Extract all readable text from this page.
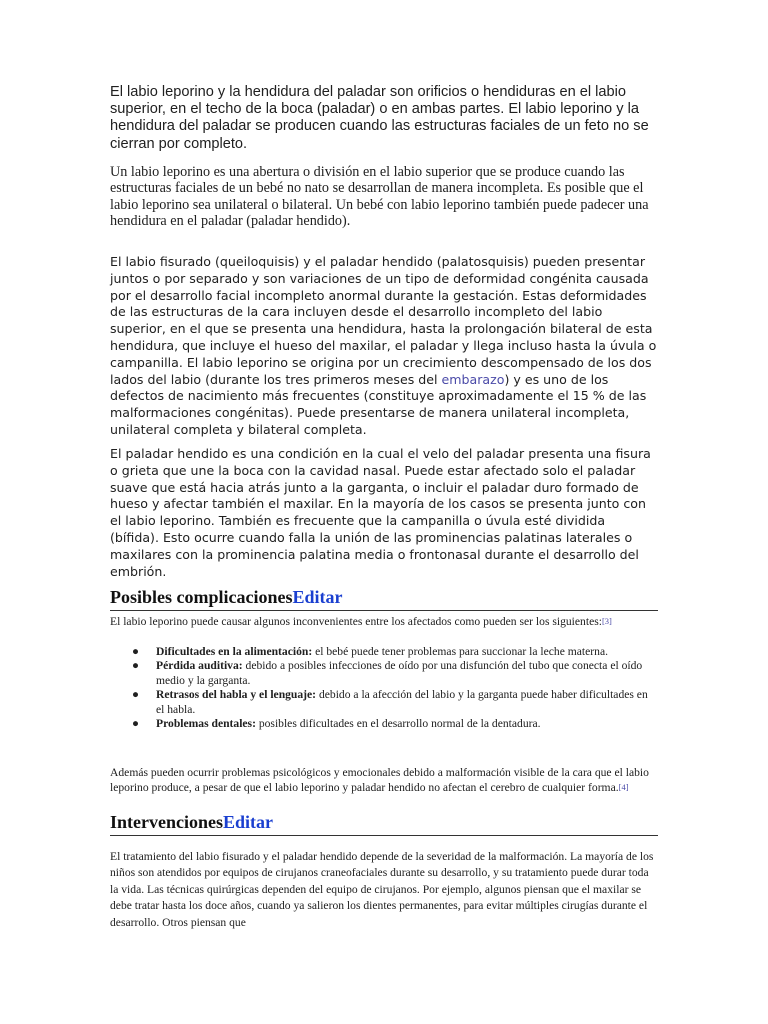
El labio leporino y la hendidura del paladar son orificios o hendiduras en el labio superior, en el techo de la boca (paladar) o en ambas partes. El labio leporino y la hendidura del paladar se producen cuando las estructuras faciales de un feto no se cierran por completo.

Un labio leporino es una abertura o división en el labio superior que se produce cuando las estructuras faciales de un bebé no nato se desarrollan de manera incompleta. Es posible que el labio leporino sea unilateral o bilateral. Un bebé con labio leporino también puede padecer una hendidura en el paladar (paladar hendido).

El labio fisurado (queiloquisis) y el paladar hendido (palatosquisis) pueden presentar juntos o por separado y son variaciones de un tipo de deformidad congénita causada por el desarrollo facial incompleto anormal durante la gestación. Estas deformidades de las estructuras de la cara incluyen desde el desarrollo incompleto del labio superior, en el que se presenta una hendidura, hasta la prolongación bilateral de esta hendidura, que incluye el hueso del maxilar, el paladar y llega incluso hasta la úvula o campanilla. El labio leporino se origina por un crecimiento descompensado de los dos lados del labio (durante los tres primeros meses del embarazo) y es uno de los defectos de nacimiento más frecuentes (constituye aproximadamente el 15 % de las malformaciones congénitas). Puede presentarse de manera unilateral incompleta, unilateral completa y bilateral completa.

El paladar hendido es una condición en la cual el velo del paladar presenta una fisura o grieta que une la boca con la cavidad nasal. Puede estar afectado solo el paladar suave que está hacia atrás junto a la garganta, o incluir el paladar duro formado de hueso y afectar también el maxilar. En la mayoría de los casos se presenta junto con el labio leporino. También es frecuente que la campanilla o úvula esté dividida (bífida). Esto ocurre cuando falla la unión de las prominencias palatinas laterales o maxilares con la prominencia palatina media o frontonasal durante el desarrollo del embrión.

Posibles complicacionesEditar

El labio leporino puede causar algunos inconvenientes entre los afectados como pueden ser los siguientes:[3]

● Dificultades en la alimentación: el bebé puede tener problemas para succionar la leche materna.
● Pérdida auditiva: debido a posibles infecciones de oído por una disfunción del tubo que conecta el oído medio y la garganta.
● Retrasos del habla y el lenguaje: debido a la afección del labio y la garganta puede haber dificultades en el habla.
● Problemas dentales: posibles dificultades en el desarrollo normal de la dentadura.

Además pueden ocurrir problemas psicológicos y emocionales debido a malformación visible de la cara que el labio leporino produce, a pesar de que el labio leporino y paladar hendido no afectan el cerebro de cualquier forma.[4]

IntervencionesEditar

El tratamiento del labio fisurado y el paladar hendido depende de la severidad de la malformación. La mayoría de los niños son atendidos por equipos de cirujanos craneofaciales durante su desarrollo, y su tratamiento puede durar toda la vida. Las técnicas quirúrgicas dependen del equipo de cirujanos. Por ejemplo, algunos piensan que el maxilar se debe tratar hasta los doce años, cuando ya salieron los dientes permanentes, para evitar múltiples cirugías durante el desarrollo. Otros piensan que
